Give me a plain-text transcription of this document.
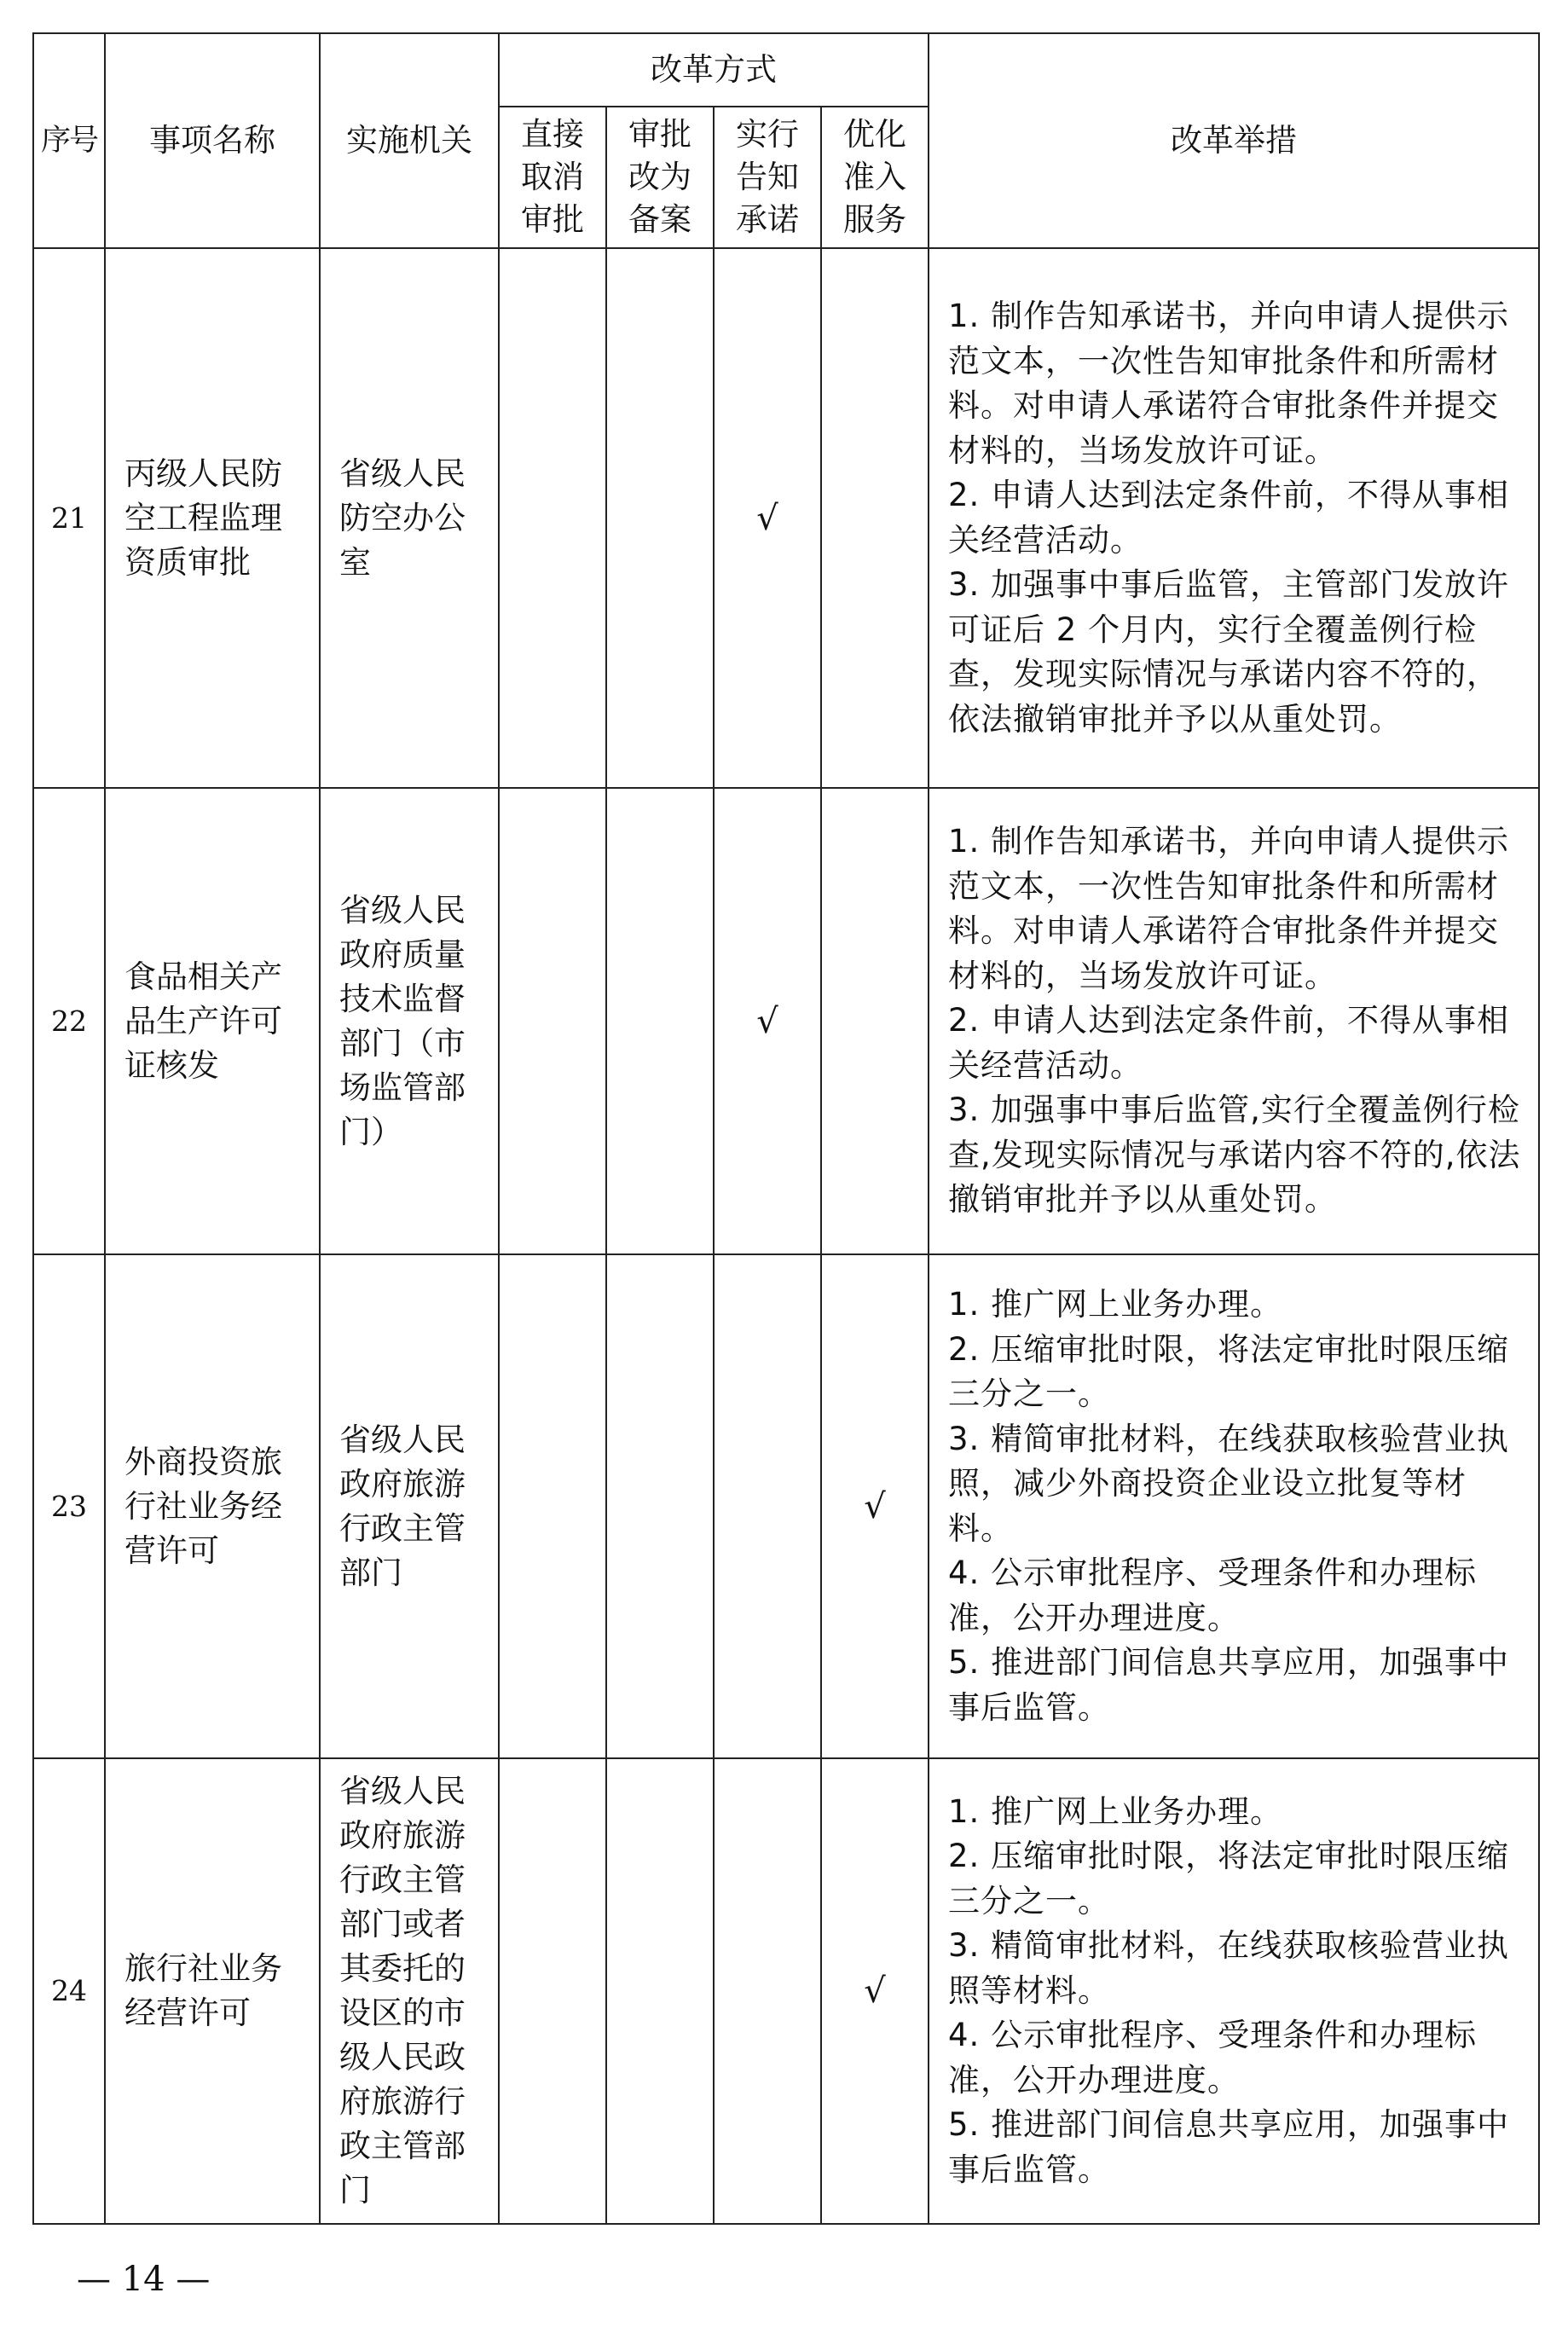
序号	事项名称	实施机关	改革方式				改革举措
			直接取消审批	审批改为备案	实行告知承诺	优化准入服务	
21	丙级人民防空工程监理资质审批	省级人民防空办公室			√		1. 制作告知承诺书，并向申请人提供示范文本，一次性告知审批条件和所需材料。对申请人承诺符合审批条件并提交材料的，当场发放许可证。
2. 申请人达到法定条件前，不得从事相关经营活动。
3. 加强事中事后监管，主管部门发放许可证后 2 个月内，实行全覆盖例行检查，发现实际情况与承诺内容不符的，依法撤销审批并予以从重处罚。

22	食品相关产品生产许可证核发	省级人民政府质量技术监督部门（市场监管部门）			√		1. 制作告知承诺书，并向申请人提供示范文本，一次性告知审批条件和所需材料。对申请人承诺符合审批条件并提交材料的，当场发放许可证。
2. 申请人达到法定条件前，不得从事相关经营活动。
3. 加强事中事后监管,实行全覆盖例行检查,发现实际情况与承诺内容不符的,依法撤销审批并予以从重处罚。

23	外商投资旅行社业务经营许可	省级人民政府旅游行政主管部门				√	1. 推广网上业务办理。
2. 压缩审批时限，将法定审批时限压缩三分之一。
3. 精简审批材料，在线获取核验营业执照，减少外商投资企业设立批复等材料。
4. 公示审批程序、受理条件和办理标准，公开办理进度。
5. 推进部门间信息共享应用，加强事中事后监管。

24	旅行社业务经营许可	省级人民政府旅游行政主管部门或者其委托的设区的市级人民政府旅游行政主管部门				√	1. 推广网上业务办理。
2. 压缩审批时限，将法定审批时限压缩三分之一。
3. 精简审批材料，在线获取核验营业执照等材料。
4. 公示审批程序、受理条件和办理标准，公开办理进度。
5. 推进部门间信息共享应用，加强事中事后监管。
— 14 —
